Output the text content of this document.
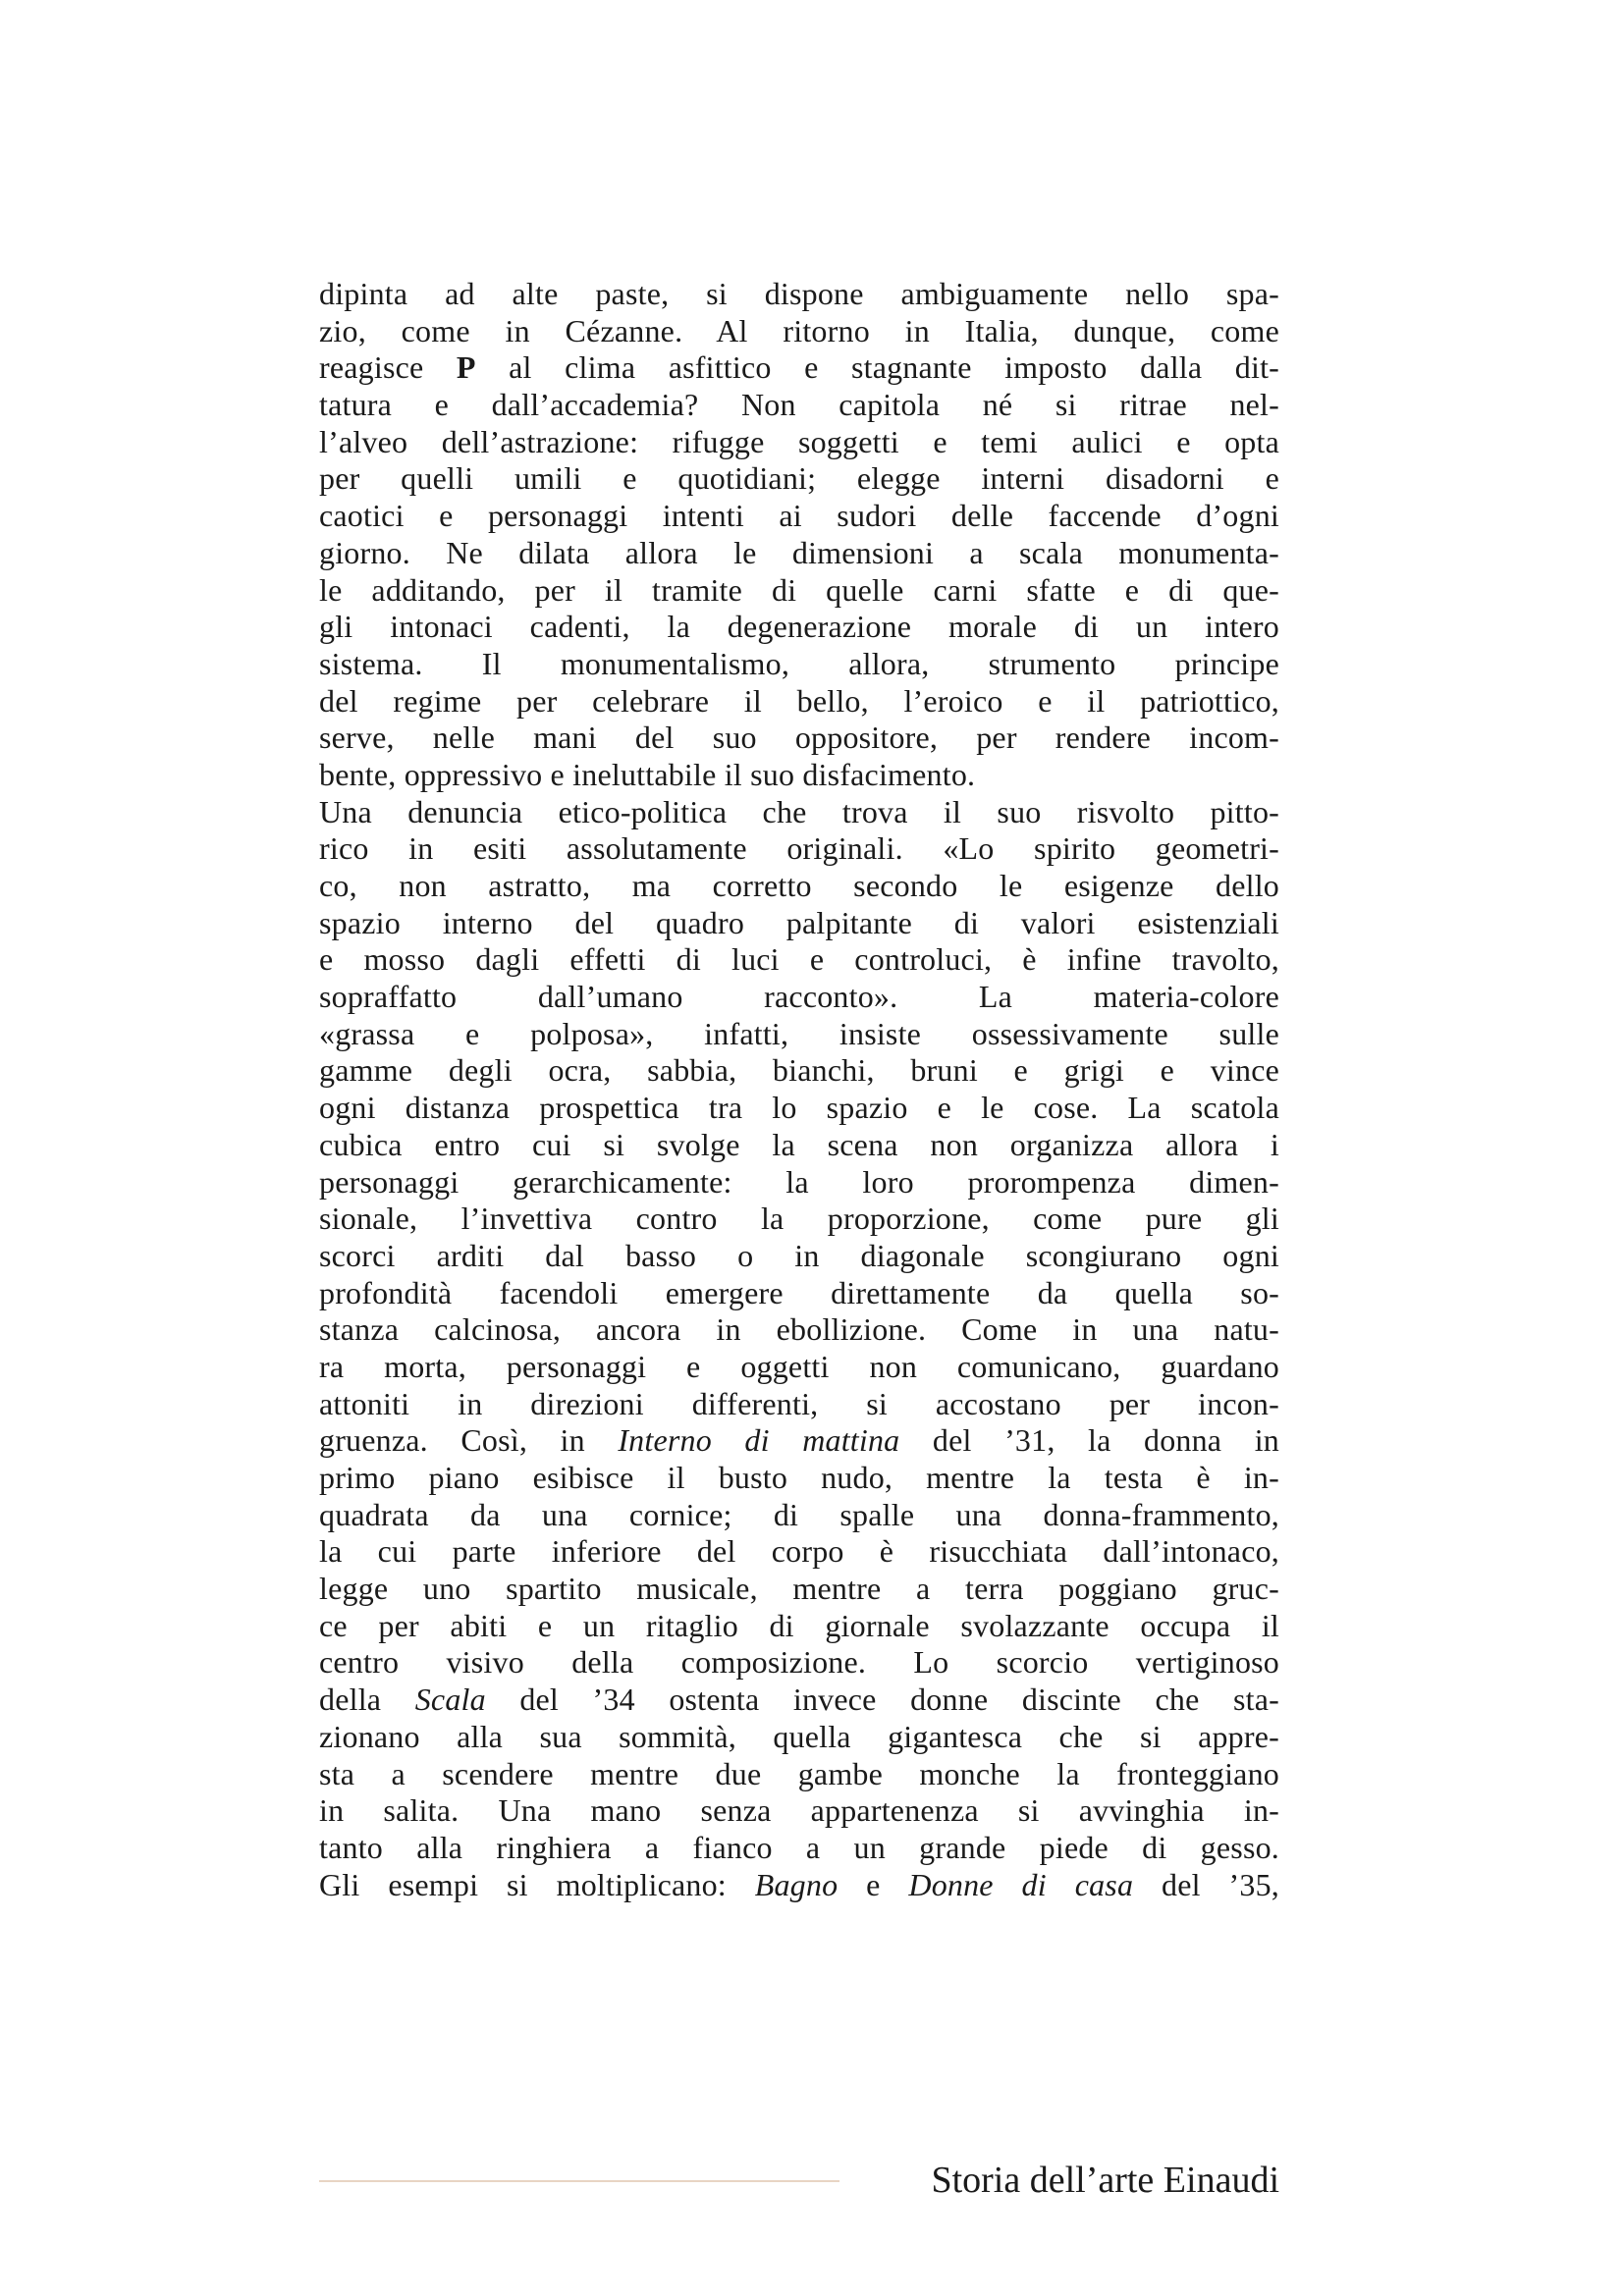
dipinta ad alte paste, si dispone ambiguamente nello spa-
zio, come in Cézanne. Al ritorno in Italia, dunque, come
reagisce P al clima asfittico e stagnante imposto dalla dit-
tatura e dall’accademia? Non capitola né si ritrae nel-
l’alveo dell’astrazione: rifugge soggetti e temi aulici e opta
per quelli umili e quotidiani; elegge interni disadorni e
caotici e personaggi intenti ai sudori delle faccende d’ogni
giorno. Ne dilata allora le dimensioni a scala monumenta-
le additando, per il tramite di quelle carni sfatte e di que-
gli intonaci cadenti, la degenerazione morale di un intero
sistema. Il monumentalismo, allora, strumento principe
del regime per celebrare il bello, l’eroico e il patriottico,
serve, nelle mani del suo oppositore, per rendere incom-
bente, oppressivo e ineluttabile il suo disfacimento.
Una denuncia etico-politica che trova il suo risvolto pitto-
rico in esiti assolutamente originali. «Lo spirito geometri-
co, non astratto, ma corretto secondo le esigenze dello
spazio interno del quadro palpitante di valori esistenziali
e mosso dagli effetti di luci e controluci, è infine travolto,
sopraffatto dall’umano racconto». La materia-colore
«grassa e polposa», infatti, insiste ossessivamente sulle
gamme degli ocra, sabbia, bianchi, bruni e grigi e vince
ogni distanza prospettica tra lo spazio e le cose. La scatola
cubica entro cui si svolge la scena non organizza allora i
personaggi gerarchicamente: la loro prorompenza dimen-
sionale, l’invettiva contro la proporzione, come pure gli
scorci arditi dal basso o in diagonale scongiurano ogni
profondità facendoli emergere direttamente da quella so-
stanza calcinosa, ancora in ebollizione. Come in una natu-
ra morta, personaggi e oggetti non comunicano, guardano
attoniti in direzioni differenti, si accostano per incon-
gruenza. Così, in Interno di mattina del ’31, la donna in
primo piano esibisce il busto nudo, mentre la testa è in-
quadrata da una cornice; di spalle una donna-frammento,
la cui parte inferiore del corpo è risucchiata dall’intonaco,
legge uno spartito musicale, mentre a terra poggiano gruc-
ce per abiti e un ritaglio di giornale svolazzante occupa il
centro visivo della composizione. Lo scorcio vertiginoso
della Scala del ’34 ostenta invece donne discinte che sta-
zionano alla sua sommità, quella gigantesca che si appre-
sta a scendere mentre due gambe monche la fronteggiano
in salita. Una mano senza appartenenza si avvinghia in-
tanto alla ringhiera a fianco a un grande piede di gesso.
Gli esempi si moltiplicano: Bagno e Donne di casa del ’35,
Storia dell’arte Einaudi
